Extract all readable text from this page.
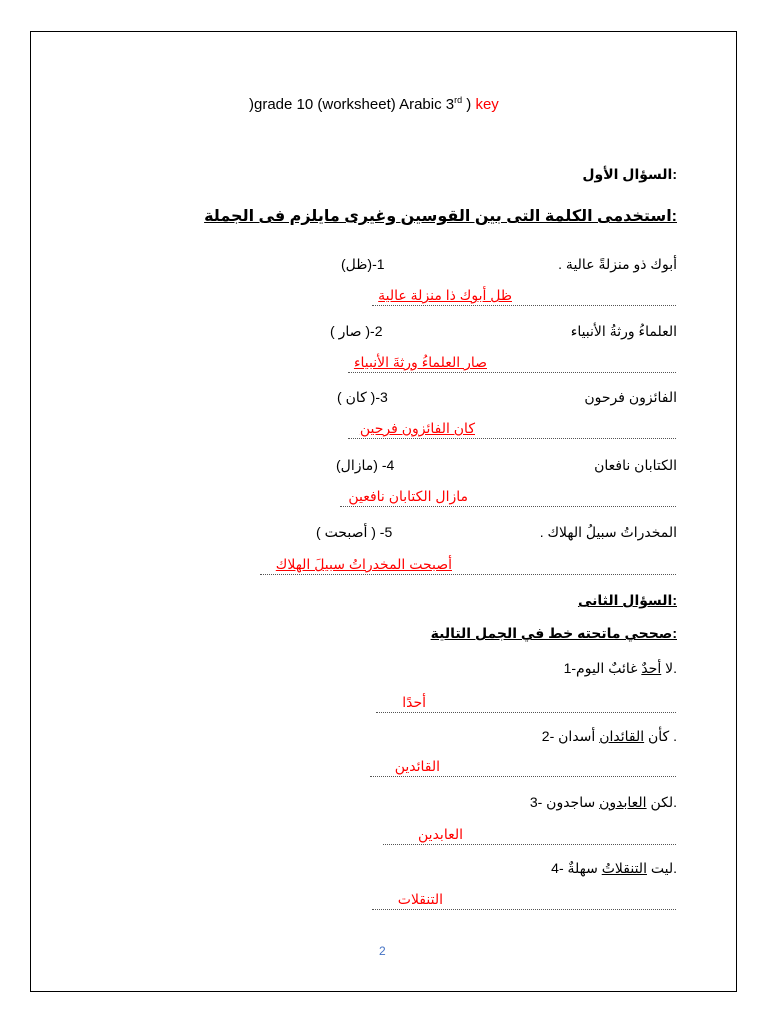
)grade 10 (worksheet) Arabic 3rd ) key
:السؤال الأول
:استخدمى الكلمة التى بين القوسين وغيرى مايلزم فى الجملة
أبوك ذو منزلةً عالية .
(ظل)-1
ظل أبوك ذا منزلة عالية
العلماءُ ورثةُ الأنبياء
( صار )-2
صار العلماءُ ورثةَ الأنبياء
الفائزون فرحون
( كان )-3
كان الفائزون فرحين
الكتابان نافعان
(مازال) -4
مازال الكتابان نافعين
المخدراتُ سبيلُ الهلاك .
( أصبحت ) -5
أصبحت المخدراتُ سبيلَ الهلاك
:السؤال الثانى
:صححي ماتحته خط في الجمل التالية
.لا أحدٌ غائبٌ اليوم-1
أحدًا
. كأن القائدان أسدان -2
القائدين
.لكن العابدون ساجدون -3
العابدين
.ليت التنقلاتُ سهلةٌ -4
التنقلات
2
